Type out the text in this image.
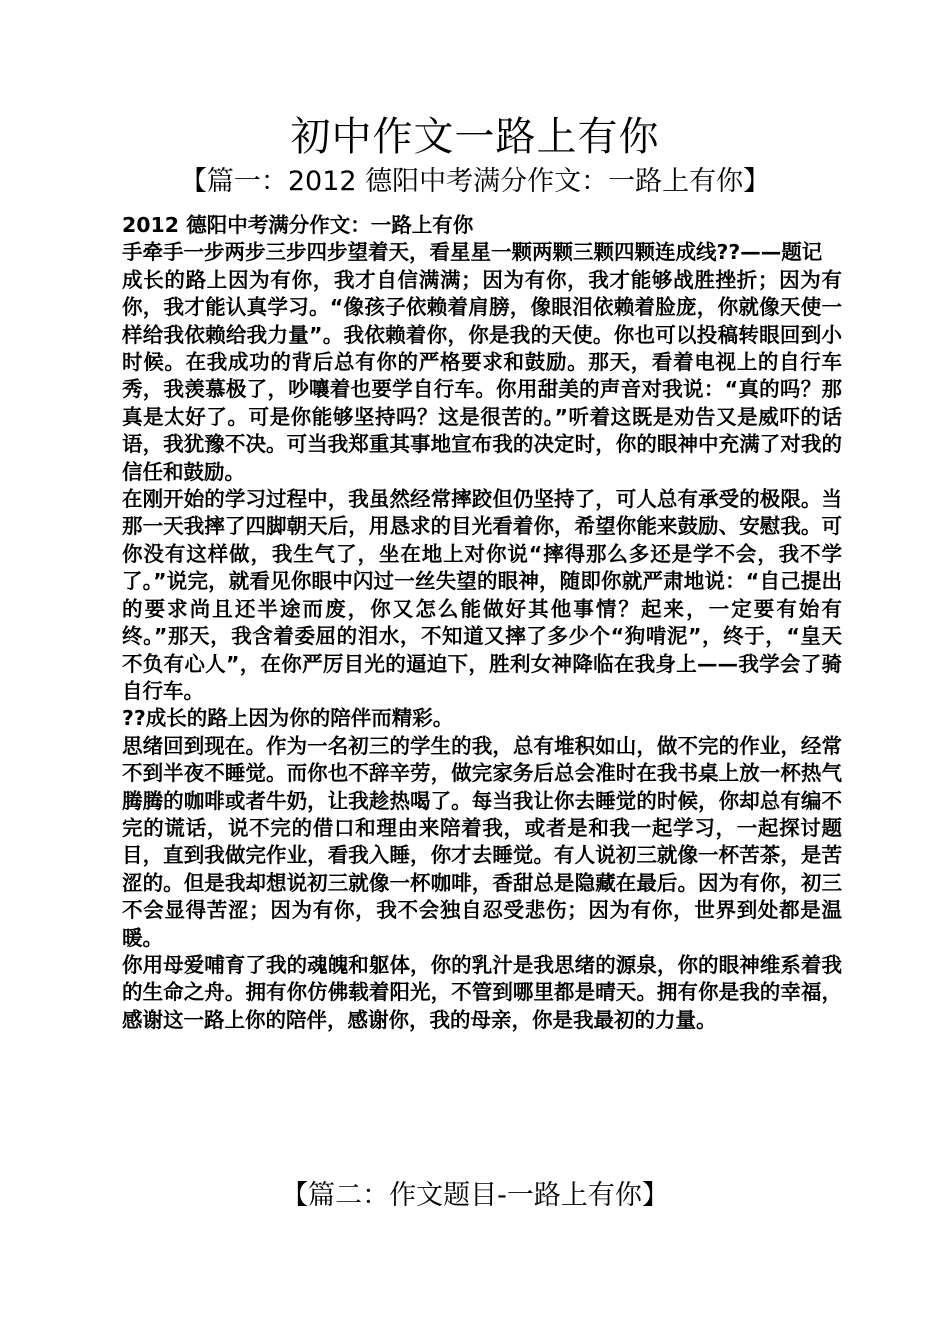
初中作文一路上有你
【篇一：2012 德阳中考满分作文：一路上有你】

2012 德阳中考满分作文：一路上有你

手牵手一步两步三步四步望着天，看星星一颗两颗三颗四颗连成线??——题记

成长的路上因为有你，我才自信满满；因为有你，我才能够战胜挫折；因为有你，我才能认真学习。“像孩子依赖着肩膀，像眼泪依赖着脸庞，你就像天使一样给我依赖给我力量”。我依赖着你，你是我的天使。你也可以投稿转眼回到小时候。在我成功的背后总有你的严格要求和鼓励。那天，看着电视上的自行车秀，我羡慕极了，吵嚷着也要学自行车。你用甜美的声音对我说：“真的吗？那真是太好了。可是你能够坚持吗？这是很苦的。”听着这既是劝告又是威吓的话语，我犹豫不决。可当我郑重其事地宣布我的决定时，你的眼神中充满了对我的信任和鼓励。

在刚开始的学习过程中，我虽然经常摔跤但仍坚持了，可人总有承受的极限。当那一天我摔了四脚朝天后，用恳求的目光看着你，希望你能来鼓励、安慰我。可你没有这样做，我生气了，坐在地上对你说“摔得那么多还是学不会，我不学了。”说完，就看见你眼中闪过一丝失望的眼神，随即你就严肃地说：“自己提出的要求尚且还半途而废，你又怎么能做好其他事情？起来，一定要有始有终。”那天，我含着委屈的泪水，不知道又摔了多少个“狗啃泥”，终于，“皇天不负有心人”，在你严厉目光的逼迫下，胜利女神降临在我身上——我学会了骑自行车。

??成长的路上因为你的陪伴而精彩。

思绪回到现在。作为一名初三的学生的我，总有堆积如山，做不完的作业，经常不到半夜不睡觉。而你也不辞辛劳，做完家务后总会准时在我书桌上放一杯热气腾腾的咖啡或者牛奶，让我趁热喝了。每当我让你去睡觉的时候，你却总有编不完的谎话，说不完的借口和理由来陪着我，或者是和我一起学习，一起探讨题目，直到我做完作业，看我入睡，你才去睡觉。有人说初三就像一杯苦茶，是苦涩的。但是我却想说初三就像一杯咖啡，香甜总是隐藏在最后。因为有你，初三不会显得苦涩；因为有你，我不会独自忍受悲伤；因为有你，世界到处都是温暖。

你用母爱哺育了我的魂魄和躯体，你的乳汁是我思绪的源泉，你的眼神维系着我的生命之舟。拥有你仿佛载着阳光，不管到哪里都是晴天。拥有你是我的幸福，感谢这一路上你的陪伴，感谢你，我的母亲，你是我最初的力量。

【篇二：作文题目-一路上有你】
